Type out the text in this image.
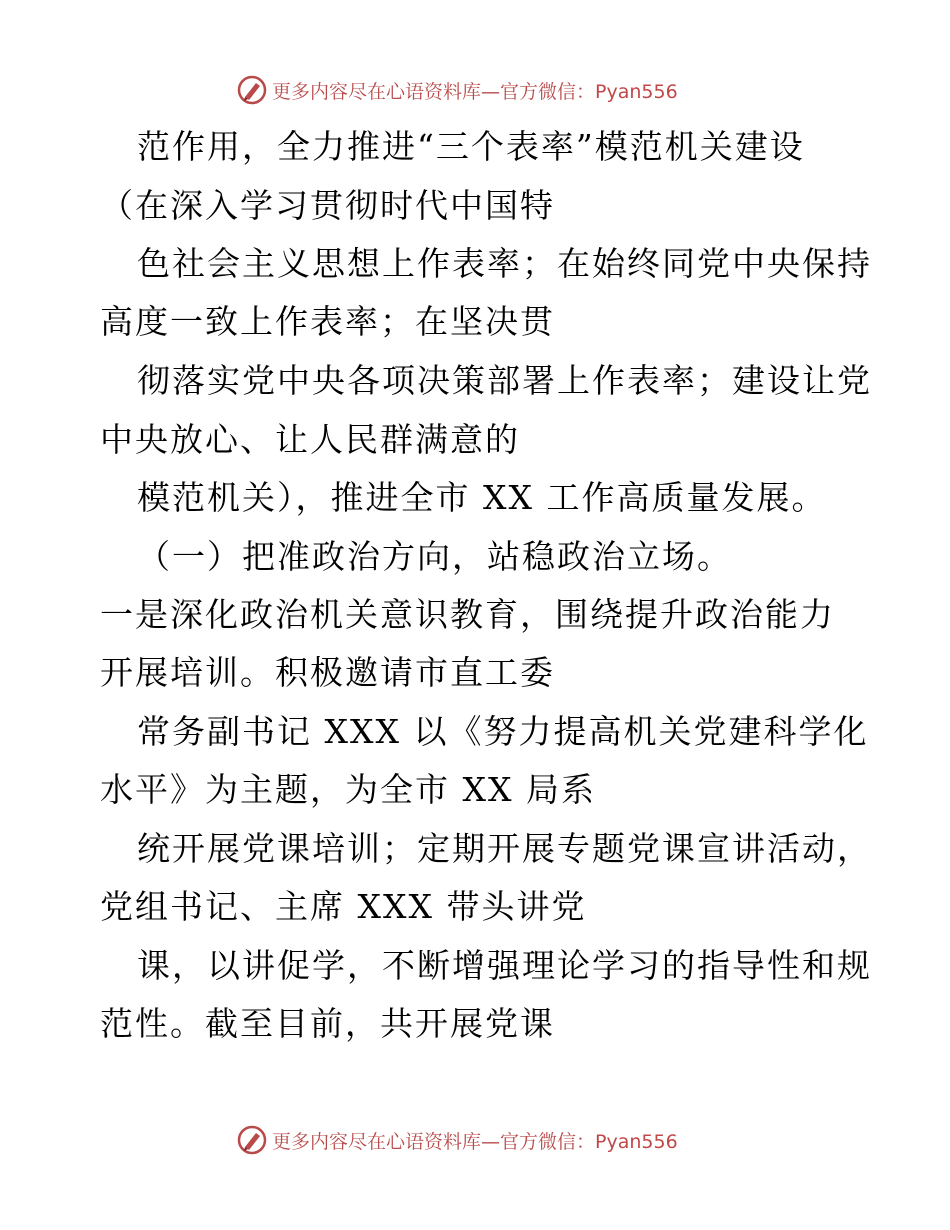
更多内容尽在心语资料库—官方微信：Pyan556
范作用，全力推进“三个表率”模范机关建设
（在深入学习贯彻时代中国特
色社会主义思想上作表率；在始终同党中央保持
高度一致上作表率；在坚决贯
彻落实党中央各项决策部署上作表率；建设让党
中央放心、让人民群满意的
模范机关），推进全市 XX 工作高质量发展。
（一）把准政治方向，站稳政治立场。
一是深化政治机关意识教育，围绕提升政治能力
开展培训。积极邀请市直工委
常务副书记 XXX 以《努力提高机关党建科学化
水平》为主题，为全市 XX 局系
统开展党课培训；定期开展专题党课宣讲活动，
党组书记、主席 XXX 带头讲党
课，以讲促学，不断增强理论学习的指导性和规
范性。截至目前，共开展党课
更多内容尽在心语资料库—官方微信：Pyan556
